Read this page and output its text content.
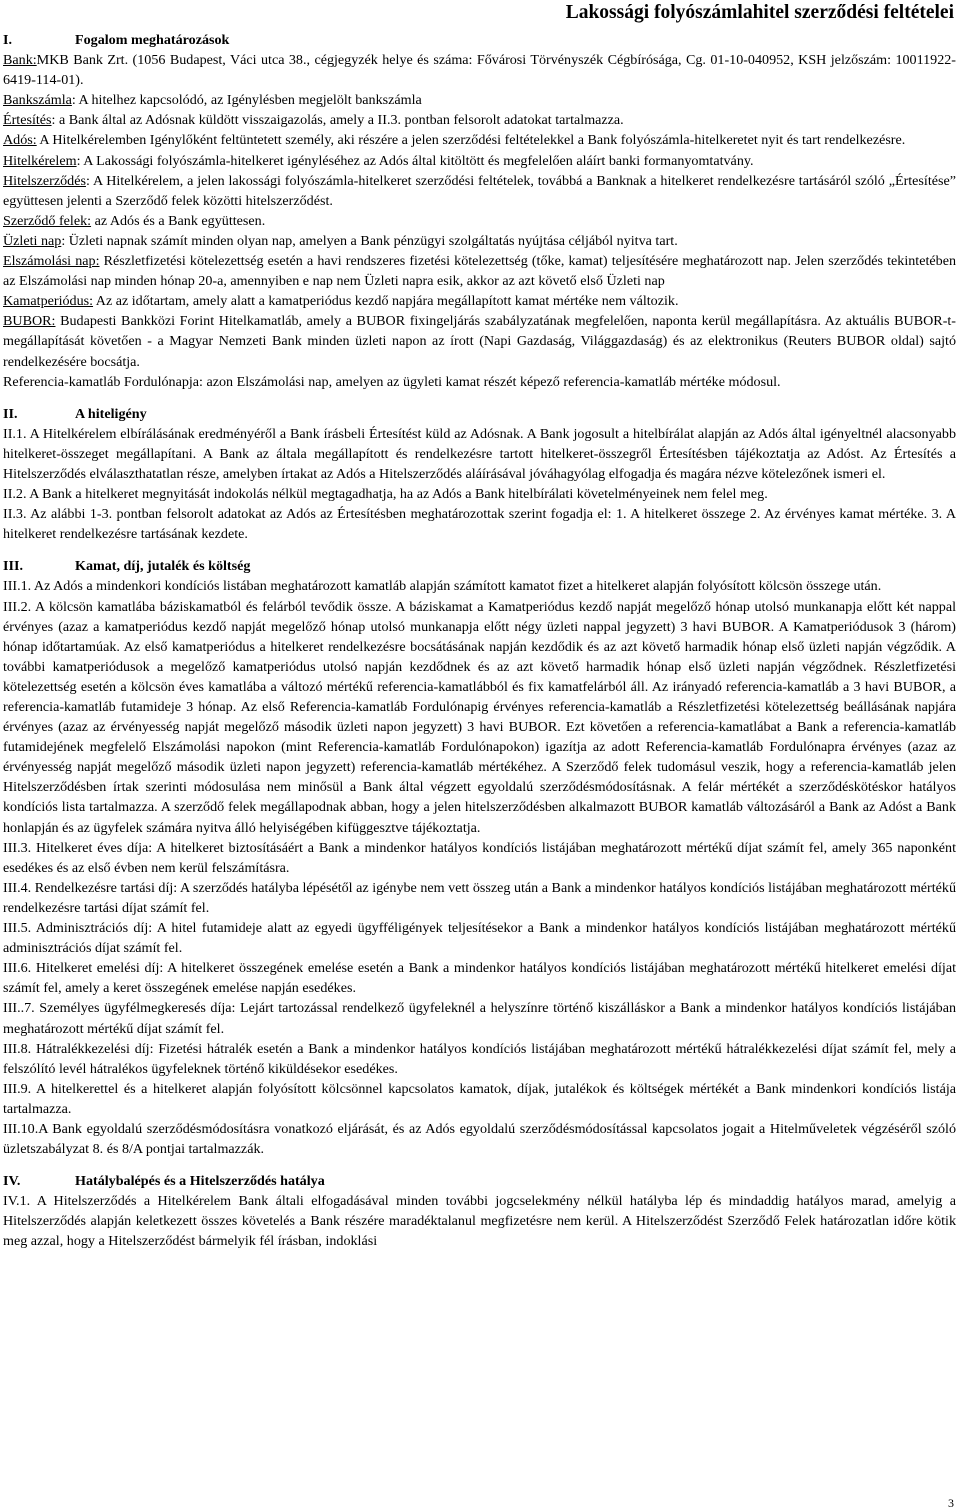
Lakossági folyószámlahitel szerződési feltételei
I.	Fogalom meghatározások

Bank:MKB Bank Zrt. (1056 Budapest, Váci utca 38., cégjegyzék helye és száma: Fővárosi Törvényszék Cégbírósága, Cg. 01-10-040952, KSH jelzőszám: 10011922-6419-114-01).

Bankszámla: A hitelhez kapcsolódó, az Igénylésben megjelölt bankszámla

Értesítés: a Bank által az Adósnak küldött visszaigazolás, amely a II.3. pontban felsorolt adatokat tartalmazza.

Adós: A Hitelkérelemben Igénylőként feltüntetett személy, aki részére a jelen szerződési feltételekkel a Bank folyószámla-hitelkeretet nyit és tart rendelkezésre.

Hitelkérelem: A Lakossági folyószámla-hitelkeret igényléséhez az Adós által kitöltött és megfelelően aláírt banki formanyomtatvány.

Hitelszerződés: A Hitelkérelem, a jelen lakossági folyószámla-hitelkeret szerződési feltételek, továbbá a Banknak a hitelkeret rendelkezésre tartásáról szóló „Értesítése” együttesen jelenti a Szerződő felek közötti hitelszerződést.

Szerződő felek: az Adós és a Bank együttesen.

Üzleti nap: Üzleti napnak számít minden olyan nap, amelyen a Bank pénzügyi szolgáltatás nyújtása céljából nyitva tart.

Elszámolási nap: Részletfizetési kötelezettség esetén a havi rendszeres fizetési kötelezettség (tőke, kamat) teljesítésére meghatározott nap. Jelen szerződés tekintetében az Elszámolási nap minden hónap 20-a, amennyiben e nap nem Üzleti napra esik, akkor az azt követő első Üzleti nap

Kamatperiódus: Az az időtartam, amely alatt a kamatperiódus kezdő napjára megállapított kamat mértéke nem változik.

BUBOR: Budapesti Bankközi Forint Hitelkamatláb, amely a BUBOR fixingeljárás szabályzatának megfelelően, naponta kerül megállapításra. Az aktuális BUBOR-t- megállapítását követően - a Magyar Nemzeti Bank minden üzleti napon az írott (Napi Gazdaság, Világgazdaság) és az elektronikus (Reuters BUBOR oldal) sajtó rendelkezésére bocsátja.

Referencia-kamatláb Fordulónapja: azon Elszámolási nap, amelyen az ügyleti kamat részét képező referencia-kamatláb mértéke módosul.

II.	A hiteligény

II.1. A Hitelkérelem elbírálásának eredményéről a Bank írásbeli Értesítést küld az Adósnak. A Bank jogosult a hitelbírálat alapján az Adós által igényeltnél alacsonyabb hitelkeret-összeget megállapítani. A Bank az általa megállapított és rendelkezésre tartott hitelkeret-összegről Értesítésben tájékoztatja az Adóst. Az Értesítés a Hitelszerződés elválaszthatatlan része, amelyben írtakat az Adós a Hitelszerződés aláírásával jóváhagyólag elfogadja és magára nézve kötelezőnek ismeri el.

II.2. A Bank a hitelkeret megnyitását indokolás nélkül megtagadhatja, ha az Adós a Bank hitelbírálati követelményeinek nem felel meg.

II.3. Az alábbi 1-3. pontban felsorolt adatokat az Adós az Értesítésben meghatározottak szerint fogadja el: 1. A hitelkeret összege 2. Az érvényes kamat mértéke. 3. A hitelkeret rendelkezésre tartásának kezdete.

III.	Kamat, díj, jutalék és költség

III.1. Az Adós a mindenkori kondíciós listában meghatározott kamatláb alapján számított kamatot fizet a hitelkeret alapján folyósított kölcsön összege után.

III.2. A kölcsön kamatlába báziskamatból és felárból tevődik össze. A báziskamat a Kamatperiódus kezdő napját megelőző hónap utolsó munkanapja előtt két nappal érvényes (azaz a kamatperiódus kezdő napját megelőző hónap utolsó munkanapja előtt négy üzleti nappal jegyzett) 3 havi BUBOR. A Kamatperiódusok 3 (három) hónap időtartamúak. Az első kamatperiódus a hitelkeret rendelkezésre bocsátásának napján kezdődik és az azt követő harmadik hónap első üzleti napján végződik. A további kamatperiódusok a megelőző kamatperiódus utolsó napján kezdődnek és az azt követő harmadik hónap első üzleti napján végződnek. Részletfizetési kötelezettség esetén a kölcsön éves kamatlába a változó mértékű referencia-kamatlábból és fix kamatfelárból áll. Az irányadó referencia-kamatláb a 3 havi BUBOR, a referencia-kamatláb futamideje 3 hónap. Az első Referencia-kamatláb Fordulónapig érvényes referencia-kamatláb a Részletfizetési kötelezettség beállásának napjára érvényes (azaz az érvényesség napját megelőző második üzleti napon jegyzett) 3 havi BUBOR. Ezt követően a referencia-kamatlábat a Bank a referencia-kamatláb futamidejének megfelelő Elszámolási napokon (mint Referencia-kamatláb Fordulónapokon) igazítja az adott Referencia-kamatláb Fordulónapra érvényes (azaz az érvényesség napját megelőző második üzleti napon jegyzett) referencia-kamatláb mértékéhez. A Szerződő felek tudomásul veszik, hogy a referencia-kamatláb jelen Hitelszerződésben írtak szerinti módosulása nem minősül a Bank által végzett egyoldalú szerződésmódosításnak. A felár mértékét a szerződéskötéskor hatályos kondíciós lista tartalmazza. A szerződő felek megállapodnak abban, hogy a jelen hitelszerződésben alkalmazott BUBOR kamatláb változásáról a Bank az Adóst a Bank honlapján és az ügyfelek számára nyitva álló helyiségében kifüggesztve tájékoztatja.

III.3. Hitelkeret éves díja: A hitelkeret biztosításáért a Bank a mindenkor hatályos kondíciós listájában meghatározott mértékű díjat számít fel, amely 365 naponként esedékes és az első évben nem kerül felszámításra.

III.4. Rendelkezésre tartási díj: A szerződés hatályba lépésétől az igénybe nem vett összeg után a Bank a mindenkor hatályos kondíciós listájában meghatározott mértékű rendelkezésre tartási díjat számít fel.

III.5. Adminisztrációs díj: A hitel futamideje alatt az egyedi ügyfféligények teljesítésekor a Bank a mindenkor hatályos kondíciós listájában meghatározott mértékű adminisztrációs díjat számít fel.

III.6. Hitelkeret emelési díj: A hitelkeret összegének emelése esetén a Bank a mindenkor hatályos kondíciós listájában meghatározott mértékű hitelkeret emelési díjat számít fel, amely a keret összegének emelése napján esedékes.

III..7. Személyes ügyfélmegkeresés díja: Lejárt tartozással rendelkező ügyfeleknél a helyszínre történő kiszálláskor a Bank a mindenkor hatályos kondíciós listájában meghatározott mértékű díjat számít fel.

III.8. Hátralékkezelési díj: Fizetési hátralék esetén a Bank a mindenkor hatályos kondíciós listájában meghatározott mértékű hátralékkezelési díjat számít fel, mely a felszólító levél hátralékos ügyfeleknek történő kiküldésekor esedékes.

III.9. A hitelkerettel és a hitelkeret alapján folyósított kölcsönnel kapcsolatos kamatok, díjak, jutalékok és költségek mértékét a Bank mindenkori kondíciós listája tartalmazza.

III.10.A Bank egyoldalú szerződésmódosításra vonatkozó eljárását, és az Adós egyoldalú szerződésmódosítással kapcsolatos jogait a Hitelműveletek végzéséről szóló üzletszabályzat 8. és 8/A pontjai tartalmazzák.

IV.	Hatálybalépés és a Hitelszerződés hatálya

IV.1. A Hitelszerződés a Hitelkérelem Bank általi elfogadásával minden további jogcselekmény nélkül hatályba lép és mindaddig hatályos marad, amelyig a Hitelszerződés alapján keletkezett összes követelés a Bank részére maradéktalanul megfizetésre nem kerül. A Hitelszerződést Szerződő Felek határozatlan időre kötik meg azzal, hogy a Hitelszerződést bármelyik fél írásban, indoklási

3
